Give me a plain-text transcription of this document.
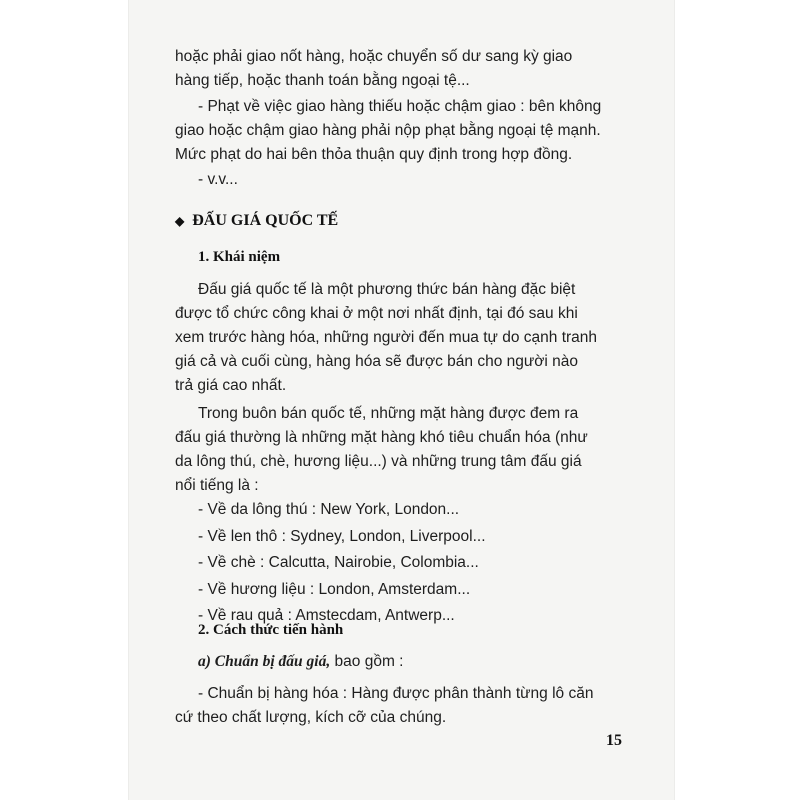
hoặc phải giao nốt hàng, hoặc chuyển số dư sang kỳ giao

hàng tiếp, hoặc thanh toán bằng ngoại tệ...

- Phạt về việc giao hàng thiếu hoặc chậm giao : bên không

giao hoặc chậm giao hàng phải nộp phạt bằng ngoại tệ mạnh.

Mức phạt do hai bên thỏa thuận quy định trong hợp đồng.

- v.v...

◆ ĐẤU GIÁ QUỐC TẾ

1. Khái niệm

Đấu giá quốc tế là một phương thức bán hàng đặc biệt

được tổ chức công khai ở một nơi nhất định, tại đó sau khi

xem trước hàng hóa, những người đến mua tự do cạnh tranh

giá cả và cuối cùng, hàng hóa sẽ được bán cho người nào

trả giá cao nhất.

Trong buôn bán quốc tế, những mặt hàng được đem ra

đấu giá thường là những mặt hàng khó tiêu chuẩn hóa (như

da lông thú, chè, hương liệu...) và những trung tâm đấu giá

nổi tiếng là :

- Về da lông thú : New York, London...

- Về len thô : Sydney, London, Liverpool...

- Về chè : Calcutta, Nairobie, Colombia...

- Về hương liệu : London, Amsterdam...

- Về rau quả : Amstecdam, Antwerp...

2. Cách thức tiến hành

a) Chuẩn bị đấu giá, bao gồm :

- Chuẩn bị hàng hóa : Hàng được phân thành từng lô căn

cứ theo chất lượng, kích cỡ của chúng.

15
